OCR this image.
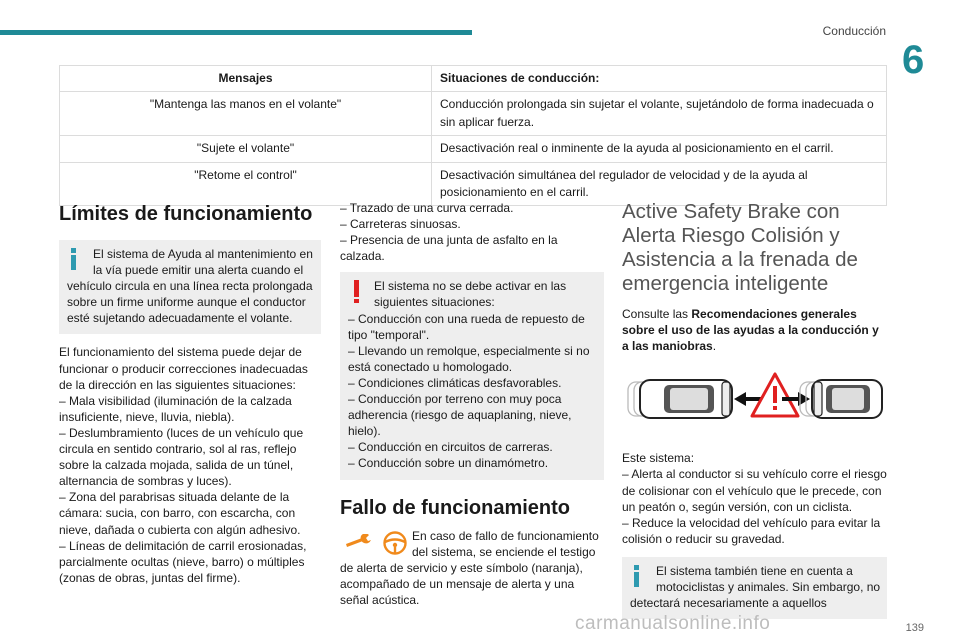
Conducción
6
Mensajes	Situaciones de conducción:
"Mantenga las manos en el volante"	Conducción prolongada sin sujetar el volante, sujetándolo de forma inadecuada o sin aplicar fuerza.
"Sujete el volante"	Desactivación real o inminente de la ayuda al posicionamiento en el carril.
"Retome el control"	Desactivación simultánea del regulador de velocidad y de la ayuda al posicionamiento en el carril.
Límites de funcionamiento
El sistema de Ayuda al mantenimiento en la vía puede emitir una alerta cuando el vehículo circula en una línea recta prolongada sobre un firme uniforme aunque el conductor esté sujetando adecuadamente el volante.

El funcionamiento del sistema puede dejar de funcionar o producir correcciones inadecuadas de la dirección en las siguientes situaciones:

– Mala visibilidad (iluminación de la calzada insuficiente, nieve, lluvia, niebla).
– Deslumbramiento (luces de un vehículo que circula en sentido contrario, sol al ras, reflejo sobre la calzada mojada, salida de un túnel, alternancia de sombras y luces).
– Zona del parabrisas situada delante de la cámara: sucia, con barro, con escarcha, con nieve, dañada o cubierta con algún adhesivo.
– Líneas de delimitación de carril erosionadas, parcialmente ocultas (nieve, barro) o múltiples (zonas de obras, juntas del firme).

– Trazado de una curva cerrada.
– Carreteras sinuosas.
– Presencia de una junta de asfalto en la calzada.

El sistema no se debe activar en las siguientes situaciones:
– Conducción con una rueda de repuesto de tipo "temporal".
– Llevando un remolque, especialmente si no está conectado u homologado.
– Condiciones climáticas desfavorables.
– Conducción por terreno con muy poca adherencia (riesgo de aquaplaning, nieve, hielo).
– Conducción en circuitos de carreras.
– Conducción sobre un dinamómetro.
Fallo de funcionamiento
En caso de fallo de funcionamiento del sistema, se enciende el testigo de alerta de servicio y este símbolo (naranja), acompañado de un mensaje de alerta y una señal acústica.
Active Safety Brake con
Alerta Riesgo Colisión y
Asistencia a la frenada de
emergencia inteligente

Consulte las Recomendaciones generales sobre el uso de las ayudas a la conducción y a las maniobras.

Este sistema:

– Alerta al conductor si su vehículo corre el riesgo de colisionar con el vehículo que le precede, con un peatón o, según versión, con un ciclista.
– Reduce la velocidad del vehículo para evitar la colisión o reducir su gravedad.

El sistema también tiene en cuenta a motociclistas y animales. Sin embargo, no detectará necesariamente a aquellos
139
carmanualsonline.info
